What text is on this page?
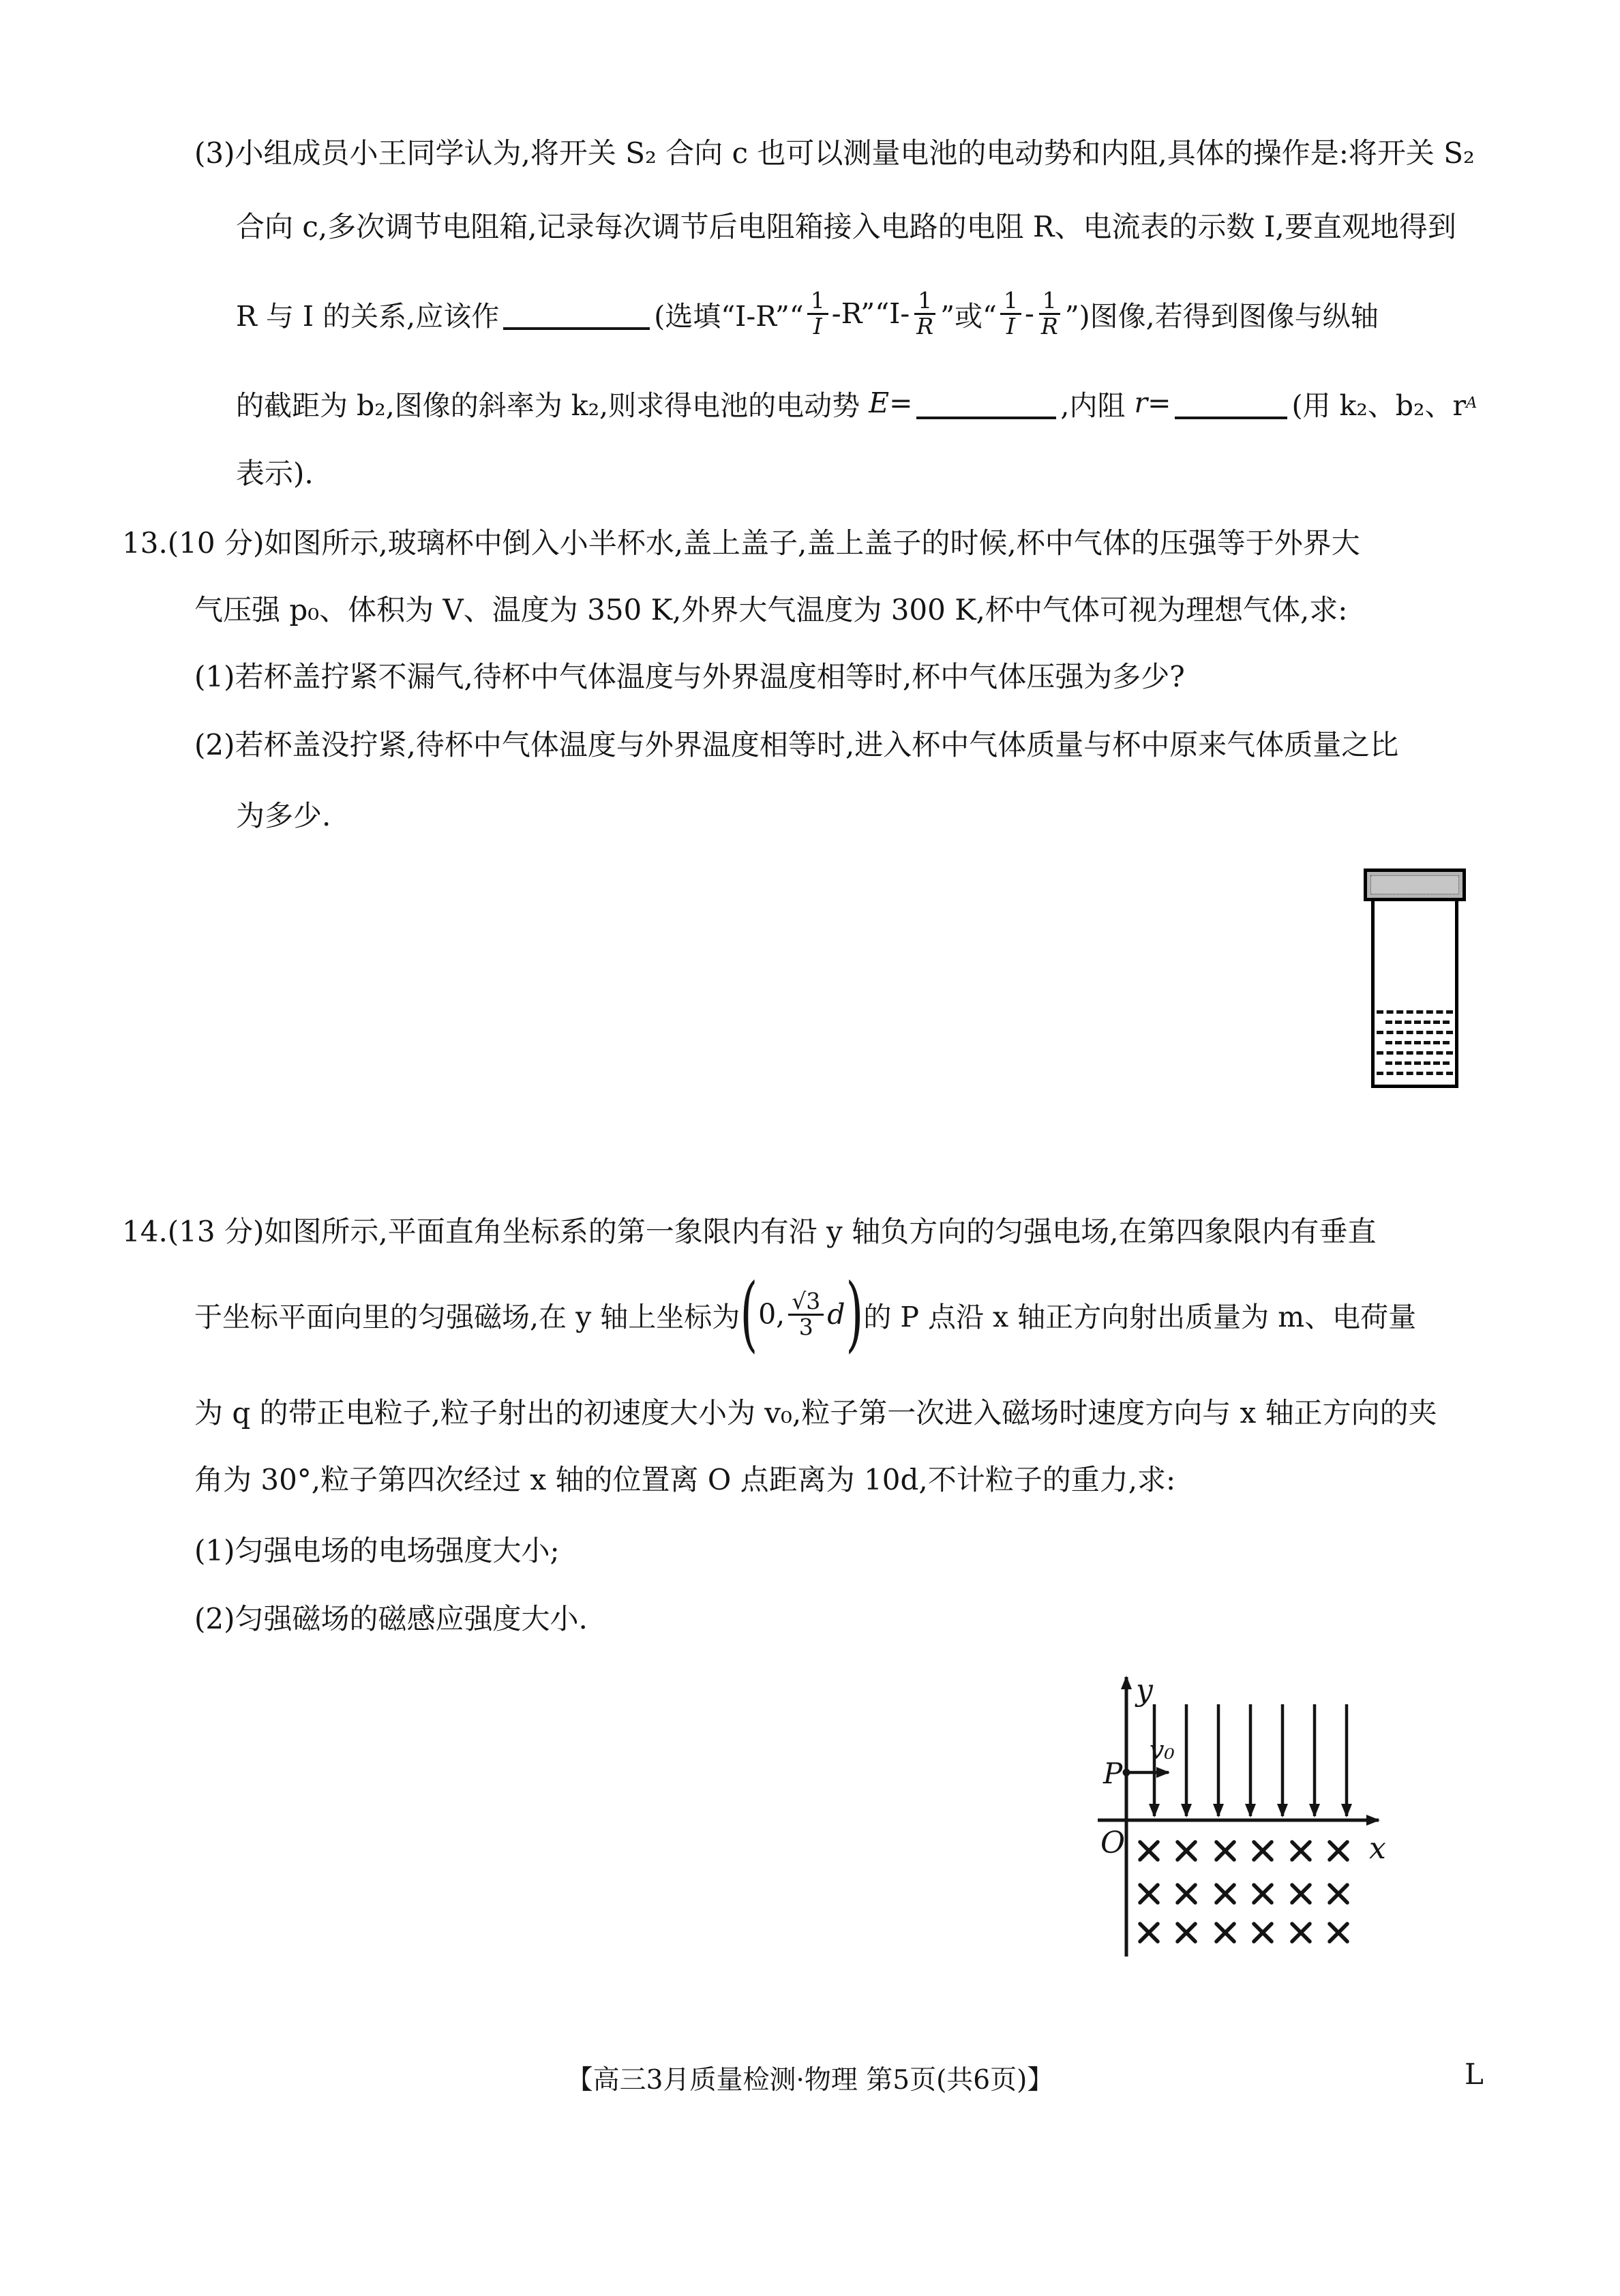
(3)小组成员小王同学认为,将开关 S₂ 合向 c 也可以测量电池的电动势和内阻,具体的操作是:将开关 S₂
合向 c,多次调节电阻箱,记录每次调节后电阻箱接入电路的电阻 R、电流表的示数 I,要直观地得到
R 与 I 的关系,应该作	(选填“I-R”“ $\frac{1}{I}$ -R”“I- $\frac{1}{R}$ ”或“ $\frac{1}{I} - \frac{1}{R}$ ”)图像,若得到图像与纵轴
的截距为 b₂,图像的斜率为 k₂,则求得电池的电动势 E =	,内阻 r =	(用 k₂、b₂、r A
表示).
13.(10 分)如图所示,玻璃杯中倒入小半杯水,盖上盖子,盖上盖子的时候,杯中气体的压强等于外界大
气压强 p₀、体积为 V、温度为 350 K,外界大气温度为 300 K,杯中气体可视为理想气体,求:
(1)若杯盖拧紧不漏气,待杯中气体温度与外界温度相等时,杯中气体压强为多少?
(2)若杯盖没拧紧,待杯中气体温度与外界温度相等时,进入杯中气体质量与杯中原来气体质量之比
为多少.
14.(13 分)如图所示,平面直角坐标系的第一象限内有沿 y 轴负方向的匀强电场,在第四象限内有垂直
于坐标平面向里的匀强磁场,在 y 轴上坐标为 ( 0, $\frac{√3}{3}$ d ) 的 P 点沿 x 轴正方向射出质量为 m、电荷量
为 q 的带正电粒子,粒子射出的初速度大小为 v₀,粒子第一次进入磁场时速度方向与 x 轴正方向的夹
角为 30°,粒子第四次经过 x 轴的位置离 O 点距离为 10d,不计粒子的重力,求:
(1)匀强电场的电场强度大小;
(2)匀强磁场的磁感应强度大小.
y
x
O
P
v₀
【高三3月质量检测·物理 第5页(共6页)】	L
